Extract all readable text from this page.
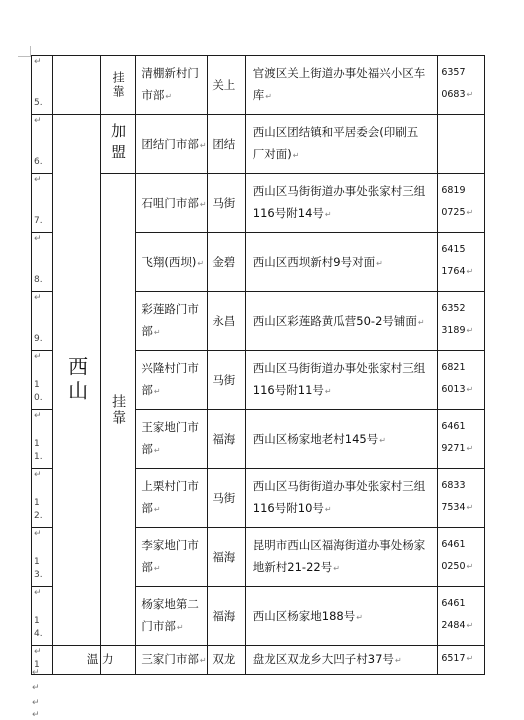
↵
5.		挂靠	清棚新村门
市部↵	关上	官渡区关上街道办事处福兴小区车
库↵	6357
0683↵

↵
6.	西山	加盟	团结门市部↵	团结	西山区团结镇和平居委会(印刷五
厂对面)↵	

↵
7.		挂靠	石咀门市部↵	马街	西山区马街街道办事处张家村三组
116号附14号↵	6819
0725↵

↵
8.			飞翔(西坝)↵	金碧	西山区西坝新村9号对面↵	6415
1764↵

↵
9.			彩莲路门市
部↵	永昌	西山区彩莲路黄瓜营50-2号铺面↵	6352
3189↵

↵
1
0.			兴隆村门市
部↵	马街	西山区马街街道办事处张家村三组
116号附11号↵	6821
6013↵

↵
1
1.			王家地门市
部↵	福海	西山区杨家地老村145号↵	6461
9271↵

↵
1
2.			上栗村门市
部↵	马街	西山区马街街道办事处张家村三组
116号附10号↵	6833
7534↵

↵
1
3.			李家地门市
部↵	福海	昆明市西山区福海街道办事处杨家
地新村21-22号↵	6461
0250↵

↵
1
4.			杨家地第二
门市部↵	福海	西山区杨家地188号↵	6461
2484↵

↵
1		温 力	三家门市部↵	双龙	盘龙区双龙乡大凹子村37号↵	6517↵
↵
↵
↵
↵
